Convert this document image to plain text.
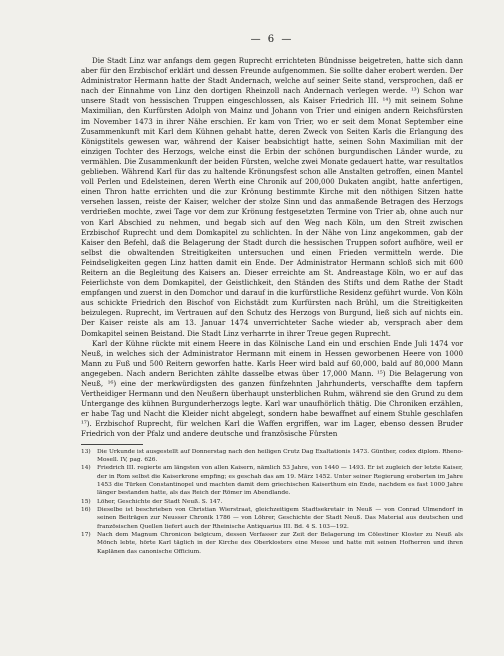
— 6 —

Die Stadt Linz war anfangs dem gegen Ruprecht errichteten Bündnisse beigetreten, hatte sich dann aber für den Erzbischof erklärt und dessen Freunde aufgenommen. Sie sollte daher erobert werden. Der Administrator Hermann hatte der Stadt Andernach, welche auf seiner Seite stand, versprochen, daß er nach der Einnahme von Linz den dortigen Rheinzoll nach Andernach verlegen werde. ¹³) Schon war unsere Stadt von hessischen Truppen eingeschlossen, als Kaiser Friedrich III. ¹⁴) mit seinem Sohne Maximilian, den Kurfürsten Adolph von Mainz und Johann von Trier und einigen andern Reichsfürsten im November 1473 in ihrer Nähe erschien. Er kam von Trier, wo er seit dem Monat September eine Zusammenkunft mit Karl dem Kühnen gehabt hatte, deren Zweck von Seiten Karls die Erlangung des Königstitels gewesen war, während der Kaiser beabsichtigt hatte, seinen Sohn Maximilian mit der einzigen Tochter des Herzogs, welche einst die Erbin der schönen burgundischen Länder wurde, zu vermählen. Die Zusammenkunft der beiden Fürsten, welche zwei Monate gedauert hatte, war resultatlos geblieben. Während Karl für das zu haltende Krönungsfest schon alle Anstalten getroffen, einen Mantel voll Perlen und Edelsteinen, deren Werth eine Chronik auf 200,000 Dukaten angibt, hatte anfertigen, einen Thron hatte errichten und die zur Krönung bestimmte Kirche mit den nöthigen Sitzen hatte versehen lassen, reiste der Kaiser, welcher der stolze Sinn und das anmaßende Betragen des Herzogs verdrießen mochte, zwei Tage vor dem zur Krönung festgesetzten Termine von Trier ab, ohne auch nur von Karl Abschied zu nehmen, und begab sich auf den Weg nach Köln, um den Streit zwischen Erzbischof Ruprecht und dem Domkapitel zu schlichten. In der Nähe von Linz angekommen, gab der Kaiser den Befehl, daß die Belagerung der Stadt durch die hessischen Truppen sofort aufhöre, weil er selbst die obwaltenden Streitigkeiten untersuchen und einen Frieden vermitteln werde. Die Feindseligkeiten gegen Linz hatten damit ein Ende. Der Administrator Hermann schloß sich mit 600 Reitern an die Begleitung des Kaisers an. Dieser erreichte am St. Andreastage Köln, wo er auf das Feierlichste von dem Domkapitel, der Geistlichkeit, den Ständen des Stifts und dem Rathe der Stadt empfangen und zuerst in den Domchor und darauf in die kurfürstliche Residenz geführt wurde. Von Köln aus schickte Friedrich den Bischof von Eichstädt zum Kurfürsten nach Brühl, um die Streitigkeiten beizulegen. Ruprecht, im Vertrauen auf den Schutz des Herzogs von Burgund, ließ sich auf nichts ein. Der Kaiser reiste als am 13. Januar 1474 unverrichteter Sache wieder ab, versprach aber dem Domkapitel seinen Beistand. Die Stadt Linz verharrte in ihrer Treue gegen Ruprecht.

Karl der Kühne rückte mit einem Heere in das Kölnische Land ein und erschien Ende Juli 1474 vor Neuß, in welches sich der Administrator Hermann mit einem in Hessen geworbenen Heere von 1000 Mann zu Fuß und 500 Reitern geworfen hatte. Karls Heer wird bald auf 60,000, bald auf 80,000 Mann angegeben. Nach andern Berichten zählte dasselbe etwas über 17,000 Mann. ¹⁵) Die Belagerung von Neuß, ¹⁶) eine der merkwürdigsten des ganzen fünfzehnten Jahrhunderts, verschaffte dem tapfern Vertheidiger Hermann und den Neußern überhaupt unsterblichen Ruhm, während sie den Grund zu dem Untergange des kühnen Burgunderherzogs legte. Karl war unaufhörlich thätig. Die Chroniken erzählen, er habe Tag und Nacht die Kleider nicht abgelegt, sondern habe bewaffnet auf einem Stuhle geschlafen ¹⁷). Erzbischof Ruprecht, für welchen Karl die Waffen ergriffen, war im Lager, ebenso dessen Bruder Friedrich von der Pfalz und andere deutsche und französische Fürsten

13) Die Urkunde ist ausgestellt auf Donnerstag nach den heiligen Crutz Dag Exaltationis 1473. Günther, codex diplom. Rheno-Mosell. IV, pag. 626.
14) Friedrich III. regierte am längsten von allen Kaisern, nämlich 53 Jahre, von 1440 — 1493. Er ist zugleich der letzte Kaiser, der in Rom selbst die Kaiserkrone empfing; es geschah das am 19. März 1452. Unter seiner Regierung eroberten im Jahre 1453 die Türken Constantinopel und machten damit dem griechischen Kaiserthum ein Ende, nachdem es fast 1000 Jahre länger bestanden hatte, als das Reich der Römer im Abendlande.
15) Löher, Geschichte der Stadt Neuß. S. 147.
16) Dieselbe ist beschrieben von Christian Wierstraat, gleichzeitigem Stadtsekretair in Neuß — von Conrad Ulmendorf in seinen Beiträgen zur Neusser Chronik 1786 — von Löhrer, Geschichte der Stadt Neuß. Das Material aus deutschen und französischen Quellen liefert auch der Rheinische Antiquarius III. Bd. 4 S. 103—192.
17) Nach dem Magnum Chronicon belgicum, dessen Verfasser zur Zeit der Belagerung im Cölestiner Kloster zu Neuß als Mönch lebte, hörte Karl täglich in der Kirche des Oberklosters eine Messe und hatte mit seinen Hofherren und ihren Kaplänen das canonische Officium.
